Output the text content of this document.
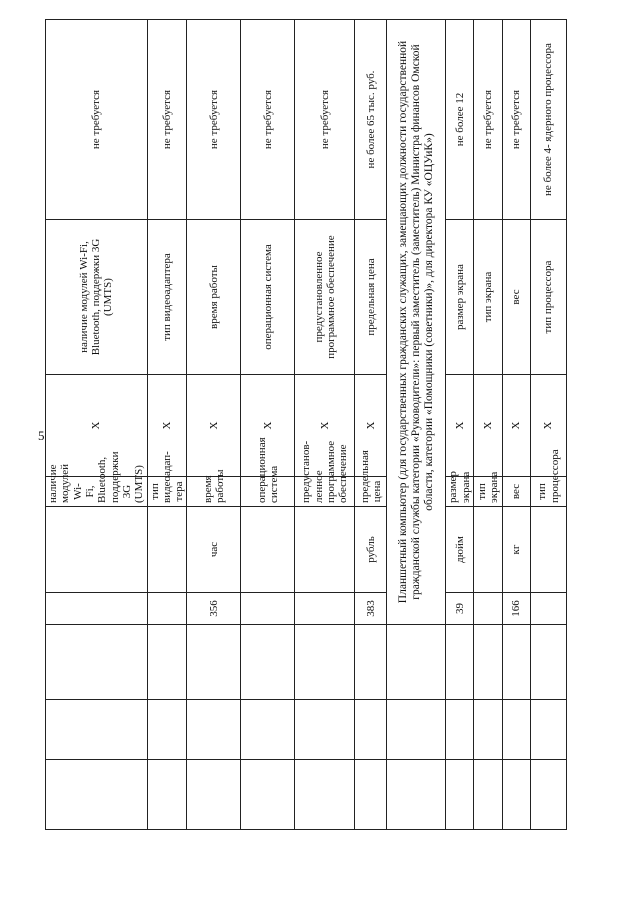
5
					наличие модулей Wi-Fi, Bluetooth, поддержки 3G (UMTS)	X	наличие модулей Wi-Fi, Bluetooth, поддержки 3G (UMTS)	не требуется
					тип видеоадап-тера	X	тип видеоадаптера	не требуется
			356	час	время работы	X	время работы	не требуется
					операционная система	X	операционная система	не требуется
					предустанов-ленное программное обеспечение	X	предустановленное программное обеспечение	не требуется
			383	рубль	предельная цена	X	предельная цена	не более 65 тыс. руб.
			Планшетный компьютер (для государственных гражданских служащих, замещающих должности государственной гражданской службы категории «Руководители»: первый заместитель (заместитель) Министра финансов Омской области, категории «Помощники (советники)», для директора КУ «ОЦУиК»)					
			39	дюйм	размер экрана	X	размер экрана	не более 12
					тип экрана	X	тип экрана	не требуется
			166	кг	вес	X	вес	не требуется
					тип процессора	X	тип процессора	не более 4- ядерного процессора
